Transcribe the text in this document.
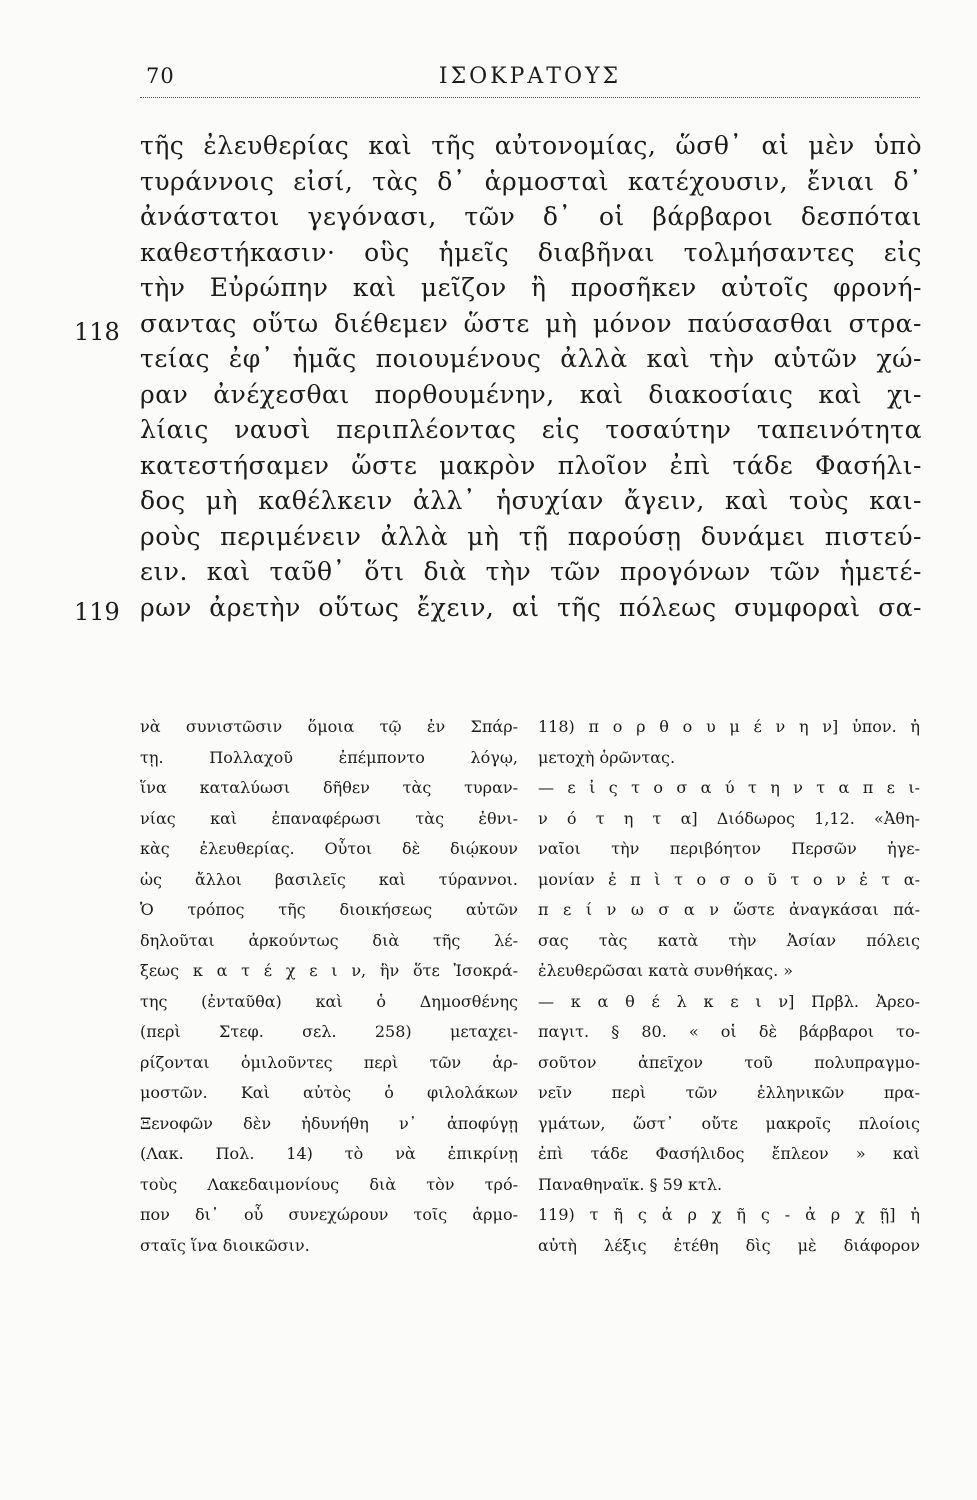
70	ΙΣΟΚΡΑΤΟΥΣ
118
119
τῆς ἐλευθερίας καὶ τῆς αὐτονομίας, ὥσθ᾽ αἱ μὲν ὑπὸ
τυράννοις εἰσί, τὰς δ᾽ ἁρμοσταὶ κατέχουσιν, ἔνιαι δ᾽
ἀνάστατοι γεγόνασι, τῶν δ᾽ οἱ βάρβαροι δεσπόται
καθεστήκασιν· οὓς ἡμεῖς διαβῆναι τολμήσαντες εἰς
τὴν Εὐρώπην καὶ μεῖζον ἢ προσῆκεν αὐτοῖς φρονή-
σαντας οὕτω διέθεμεν ὥστε μὴ μόνον παύσασθαι στρα-
τείας ἐφ᾽ ἡμᾶς ποιουμένους ἀλλὰ καὶ τὴν αὑτῶν χώ-
ραν ἀνέχεσθαι πορθουμένην, καὶ διακοσίαις καὶ χι-
λίαις ναυσὶ περιπλέοντας εἰς τοσαύτην ταπεινότητα
κατεστήσαμεν ὥστε μακρὸν πλοῖον ἐπὶ τάδε Φασήλι-
δος μὴ καθέλκειν ἀλλ᾽ ἡσυχίαν ἄγειν, καὶ τοὺς και-
ροὺς περιμένειν ἀλλὰ μὴ τῇ παρούσῃ δυνάμει πιστεύ-
ειν. καὶ ταῦθ᾽ ὅτι διὰ τὴν τῶν προγόνων τῶν ἡμετέ-
ρων ἀρετὴν οὕτως ἔχειν, αἱ τῆς πόλεως συμφοραὶ σα-
νὰ συνιστῶσιν ὅμοια τῷ ἐν Σπάρ-
τῃ. Πολλαχοῦ ἐπέμποντο λόγῳ,
ἵνα καταλύωσι δῆθεν τὰς τυραν-
νίας καὶ ἐπαναφέρωσι τὰς ἐθνι-
κὰς ἐλευθερίας. Οὗτοι δὲ διῴκουν
ὡς ἄλλοι βασιλεῖς καὶ τύραννοι.
Ὁ τρόπος τῆς διοικήσεως αὐτῶν
δηλοῦται ἀρκούντως διὰ τῆς λέ-
ξεως κ α τ έ χ ε ι ν, ἣν ὅτε Ἰσοκρά-
της (ἐνταῦθα) καὶ ὁ Δημοσθένης
(περὶ Στεφ. σελ. 258) μεταχει-
ρίζονται ὁμιλοῦντες περὶ τῶν ἁρ-
μοστῶν. Καὶ αὐτὸς ὁ φιλολάκων
Ξενοφῶν δὲν ἠδυνήθη ν᾽ ἀποφύγῃ
(Λακ. Πολ. 14) τὸ νὰ ἐπικρίνῃ
τοὺς Λακεδαιμονίους διὰ τὸν τρό-
πον δι᾽ οὗ συνεχώρουν τοῖς ἁρμο-
σταῖς ἵνα διοικῶσιν.
118) π ο ρ θ ο υ μ έ ν η ν] ὑπον. ἡ
μετοχὴ ὁρῶντας.
— ε ἰ ς τ ο σ α ύ τ η ν τ α π ε ι-
ν ό τ η τ α] Διόδωρος 1,12. «Ἀθη-
ναῖοι τὴν περιβόητον Περσῶν ἡγε-
μονίαν ἐ π ὶ τ ο σ ο ῦ τ ο ν ἐ τ α-
π ε ί ν ω σ α ν ὥστε ἀναγκάσαι πά-
σας τὰς κατὰ τὴν Ἀσίαν πόλεις
ἐλευθερῶσαι κατὰ συνθήκας. »
— κ α θ έ λ κ ε ι ν] Πρβλ. Ἀρεο-
παγιτ. § 80. « οἱ δὲ βάρβαροι το-
σοῦτον ἀπεῖχον τοῦ πολυπραγμο-
νεῖν περὶ τῶν ἑλληνικῶν πρα-
γμάτων, ὥστ᾽ οὔτε μακροῖς πλοίοις
ἐπὶ τάδε Φασήλιδος ἔπλεον » καὶ
Παναθηναϊκ. § 59 κτλ.
119) τ ῆ ς ἀ ρ χ ῆ ς - ἀ ρ χ ῇ] ἡ
αὐτὴ λέξις ἐτέθη δὶς μὲ διάφορον
